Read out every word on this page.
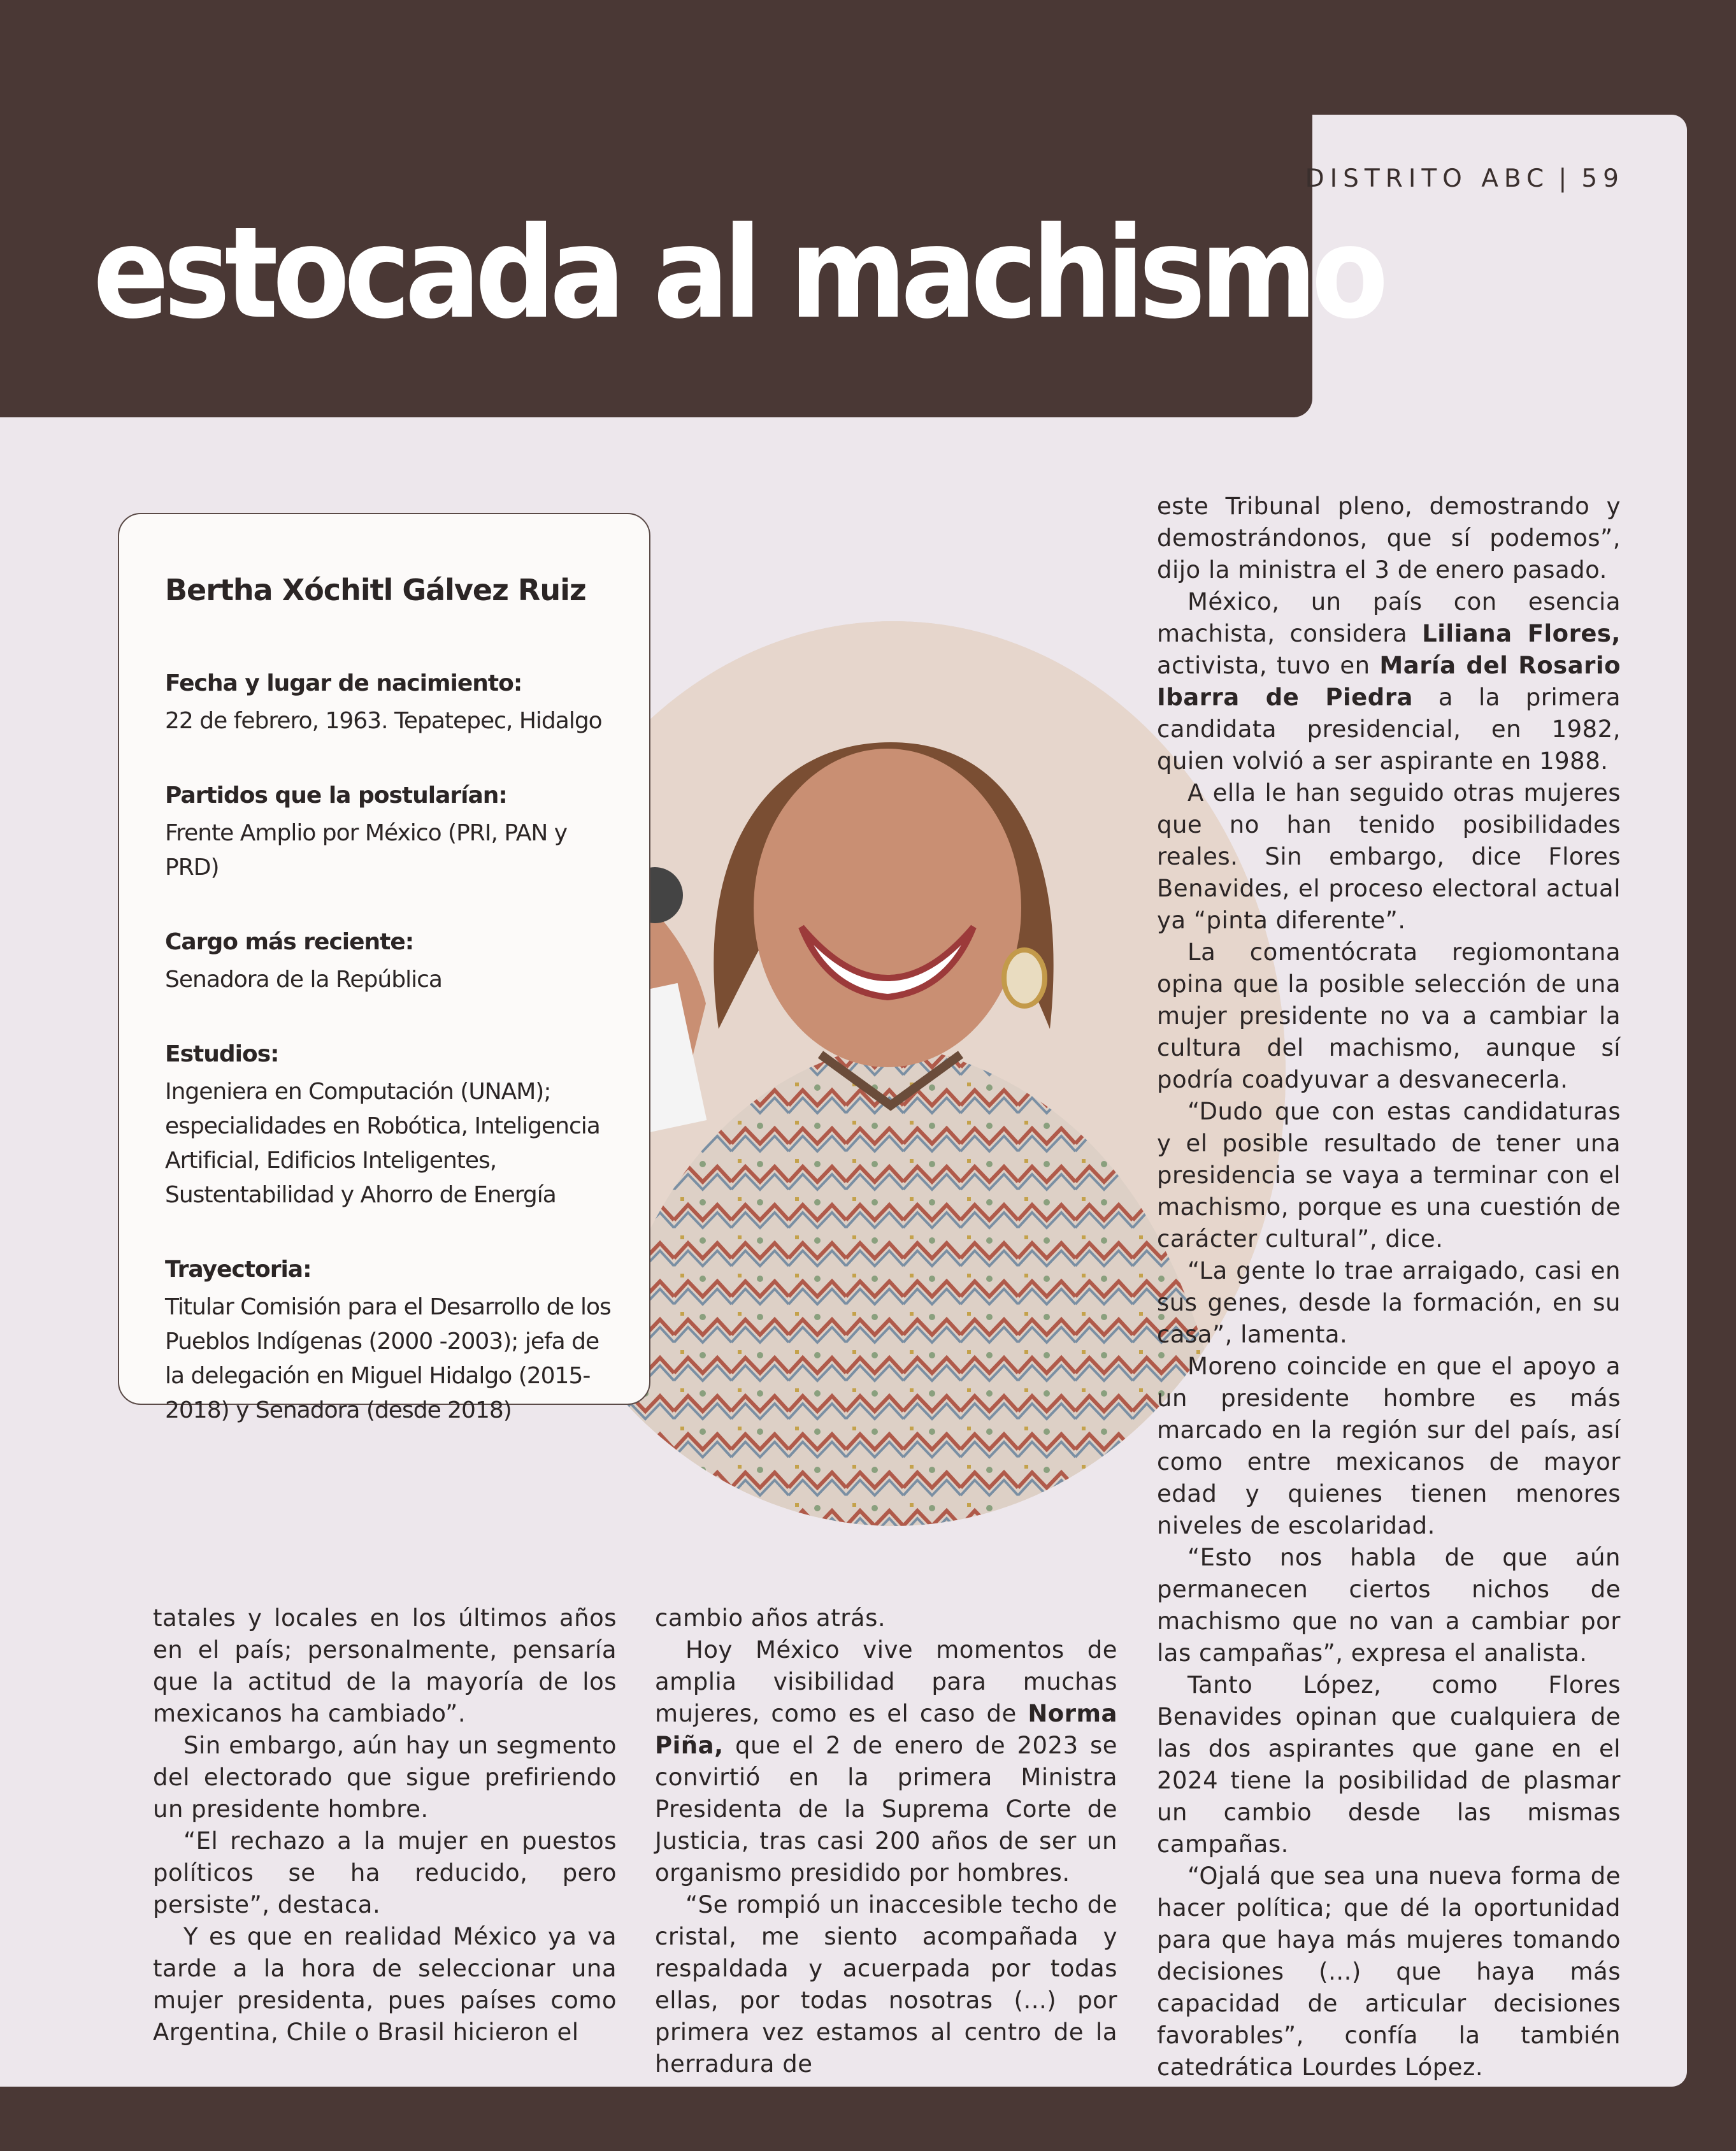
DISTRITO ABC | 59
estocada al machismo
Bertha Xóchitl Gálvez Ruiz
Fecha y lugar de nacimiento:
22 de febrero, 1963. Tepatepec, Hidalgo
Partidos que la postularían:
Frente Amplio por México (PRI, PAN y PRD)
Cargo más reciente:
Senadora de la República
Estudios:
Ingeniera en Computación (UNAM); especialidades en Robótica, Inteligencia Artificial, Edificios Inteligentes, Sustentabilidad y Ahorro de Energía
Trayectoria:
Titular Comisión para el Desarrollo de los Pueblos Indígenas (2000 -2003); jefa de la delegación en Miguel Hidalgo (2015-2018) y Senadora (desde 2018)

tatales y locales en los últimos años en el país; personalmente, pensaría que la actitud de la mayoría de los mexicanos ha cambiado”.

Sin embargo, aún hay un segmento del electorado que sigue prefiriendo un presidente hombre.

“El rechazo a la mujer en puestos políticos se ha reducido, pero persiste”, destaca.

Y es que en realidad México ya va tarde a la hora de seleccionar una mujer presidenta, pues países como Argentina, Chile o Brasil hicieron el

cambio años atrás.

Hoy México vive momentos de amplia visibilidad para muchas mujeres, como es el caso de Norma Piña, que el 2 de enero de 2023 se convirtió en la primera Ministra Presidenta de la Suprema Corte de Justicia, tras casi 200 años de ser un organismo presidido por hombres.

“Se rompió un inaccesible techo de cristal, me siento acompañada y respaldada y acuerpada por todas ellas, por todas nosotras (...) por primera vez estamos al centro de la herradura de

este Tribunal pleno, demostrando y demostrándonos, que sí podemos”, dijo la ministra el 3 de enero pasado.

México, un país con esencia machista, considera Liliana Flores, activista, tuvo en María del Rosario Ibarra de Piedra a la primera candidata presidencial, en 1982, quien volvió a ser aspirante en 1988.

A ella le han seguido otras mujeres que no han tenido posibilidades reales. Sin embargo, dice Flores Benavides, el proceso electoral actual ya “pinta diferente”.

La comentócrata regiomontana opina que la posible selección de una mujer presidente no va a cambiar la cultura del machismo, aunque sí podría coadyuvar a desvanecerla.

“Dudo que con estas candidaturas y el posible resultado de tener una presidencia se vaya a terminar con el machismo, porque es una cuestión de carácter cultural”, dice.

“La gente lo trae arraigado, casi en sus genes, desde la formación, en su casa”, lamenta.

Moreno coincide en que el apoyo a un presidente hombre es más marcado en la región sur del país, así como entre mexicanos de mayor edad y quienes tienen menores niveles de escolaridad.

“Esto nos habla de que aún permanecen ciertos nichos de machismo que no van a cambiar por las campañas”, expresa el analista.

Tanto López, como Flores Benavides opinan que cualquiera de las dos aspirantes que gane en el 2024 tiene la posibilidad de plasmar un cambio desde las mismas campañas.

“Ojalá que sea una nueva forma de hacer política; que dé la oportunidad para que haya más mujeres tomando decisiones (...) que haya más capacidad de articular decisiones favorables”, confía la también catedrática Lourdes López.
